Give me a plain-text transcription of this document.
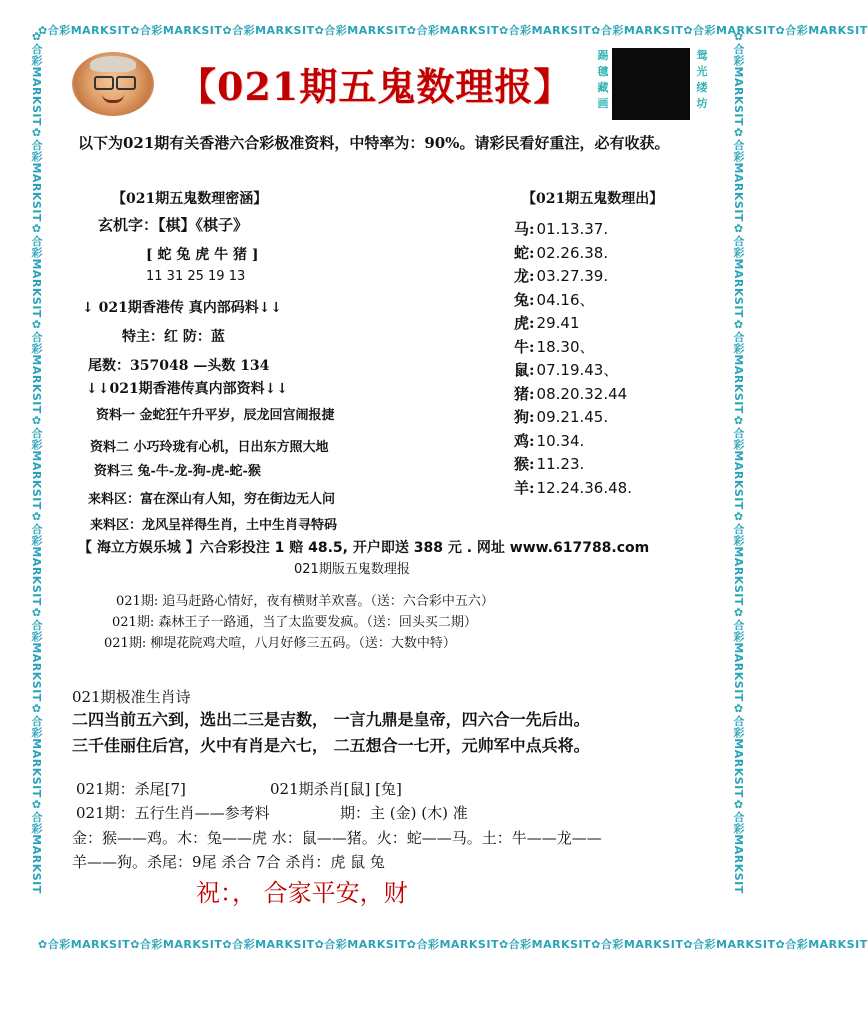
✿合彩MARKSIT✿合彩MARKSIT✿合彩MARKSIT✿合彩MARKSIT✿合彩MARKSIT✿合彩MARKSIT✿合彩MARKSIT✿合彩MARKSIT✿合彩MARKSIT
✿合彩MARKSIT✿合彩MARKSIT✿合彩MARKSIT✿合彩MARKSIT✿合彩MARKSIT✿合彩MARKSIT✿合彩MARKSIT✿合彩MARKSIT✿合彩MARKSIT
✿合彩MARKSIT✿合彩MARKSIT✿合彩MARKSIT✿合彩MARKSIT✿合彩MARKSIT✿合彩MARKSIT✿合彩MARKSIT✿合彩MARKSIT✿合彩MARKSIT	✿合彩MARKSIT✿合彩MARKSIT✿合彩MARKSIT✿合彩MARKSIT✿合彩MARKSIT✿合彩MARKSIT✿合彩MARKSIT✿合彩MARKSIT✿合彩MARKSIT
【021期五鬼数理报】
踢毽藏画
鸳光缕坊
以下为021期有关香港六合彩极准资料，中特率为：90%。请彩民看好重注，必有收获。
【021期五鬼数理密涵】
玄机字：【棋】《棋子》
[ 蛇 兔 虎 牛 猪 ]
11 31 25 19 13
↓ 021期香港传 真内部码料↓↓
特主：红 防：蓝
尾数：357048 —头数 134
↓↓021期香港传真内部资料↓↓
资料一 金蛇狂午升平岁，辰龙回宫闹报捷
资料二 小巧玲珑有心机，日出东方照大地
资料三 兔-牛-龙-狗-虎-蛇-猴
来料区：富在深山有人知，穷在街边无人问
来料区：龙风呈祥得生肖，土中生肖寻特码
【021期五鬼数理出】
马: 01.13.37.
蛇: 02.26.38.
龙: 03.27.39.
兔: 04.16、
虎: 29.41
牛: 18.30、
鼠: 07.19.43、
猪: 08.20.32.44
狗: 09.21.45.
鸡: 10.34.
猴: 11.23.
羊: 12.24.36.48.
【 海立方娱乐城 】六合彩投注 1 赔 48.5, 开户即送 388 元 . 网址 www.617788.com
021期版五鬼数理报
021期: 追马赶路心情好，夜有横财羊欢喜。（送：六合彩中五六）
021期: 森林王子一路通，当了太监要发疯。（送：回头买二期）
021期: 柳堤花院鸡犬喧，八月好修三五码。（送：大数中特）
021期极准生肖诗
二四当前五六到，选出二三是吉数， 一言九鼎是皇帝，四六合一先后出。
三千佳丽住后宫，火中有肖是六七， 二五想合一七开，元帅军中点兵将。
021期：杀尾[7]	021期杀肖[鼠] [兔]
021期：五行生肖——参考料	期：主 (金) (木) 准
金：猴——鸡。木：兔——虎 水：鼠——猪。火：蛇——马。土：牛——龙——
羊——狗。杀尾：9尾 杀合 7合 杀肖：虎 鼠 兔
祝：， 合家平安，财
